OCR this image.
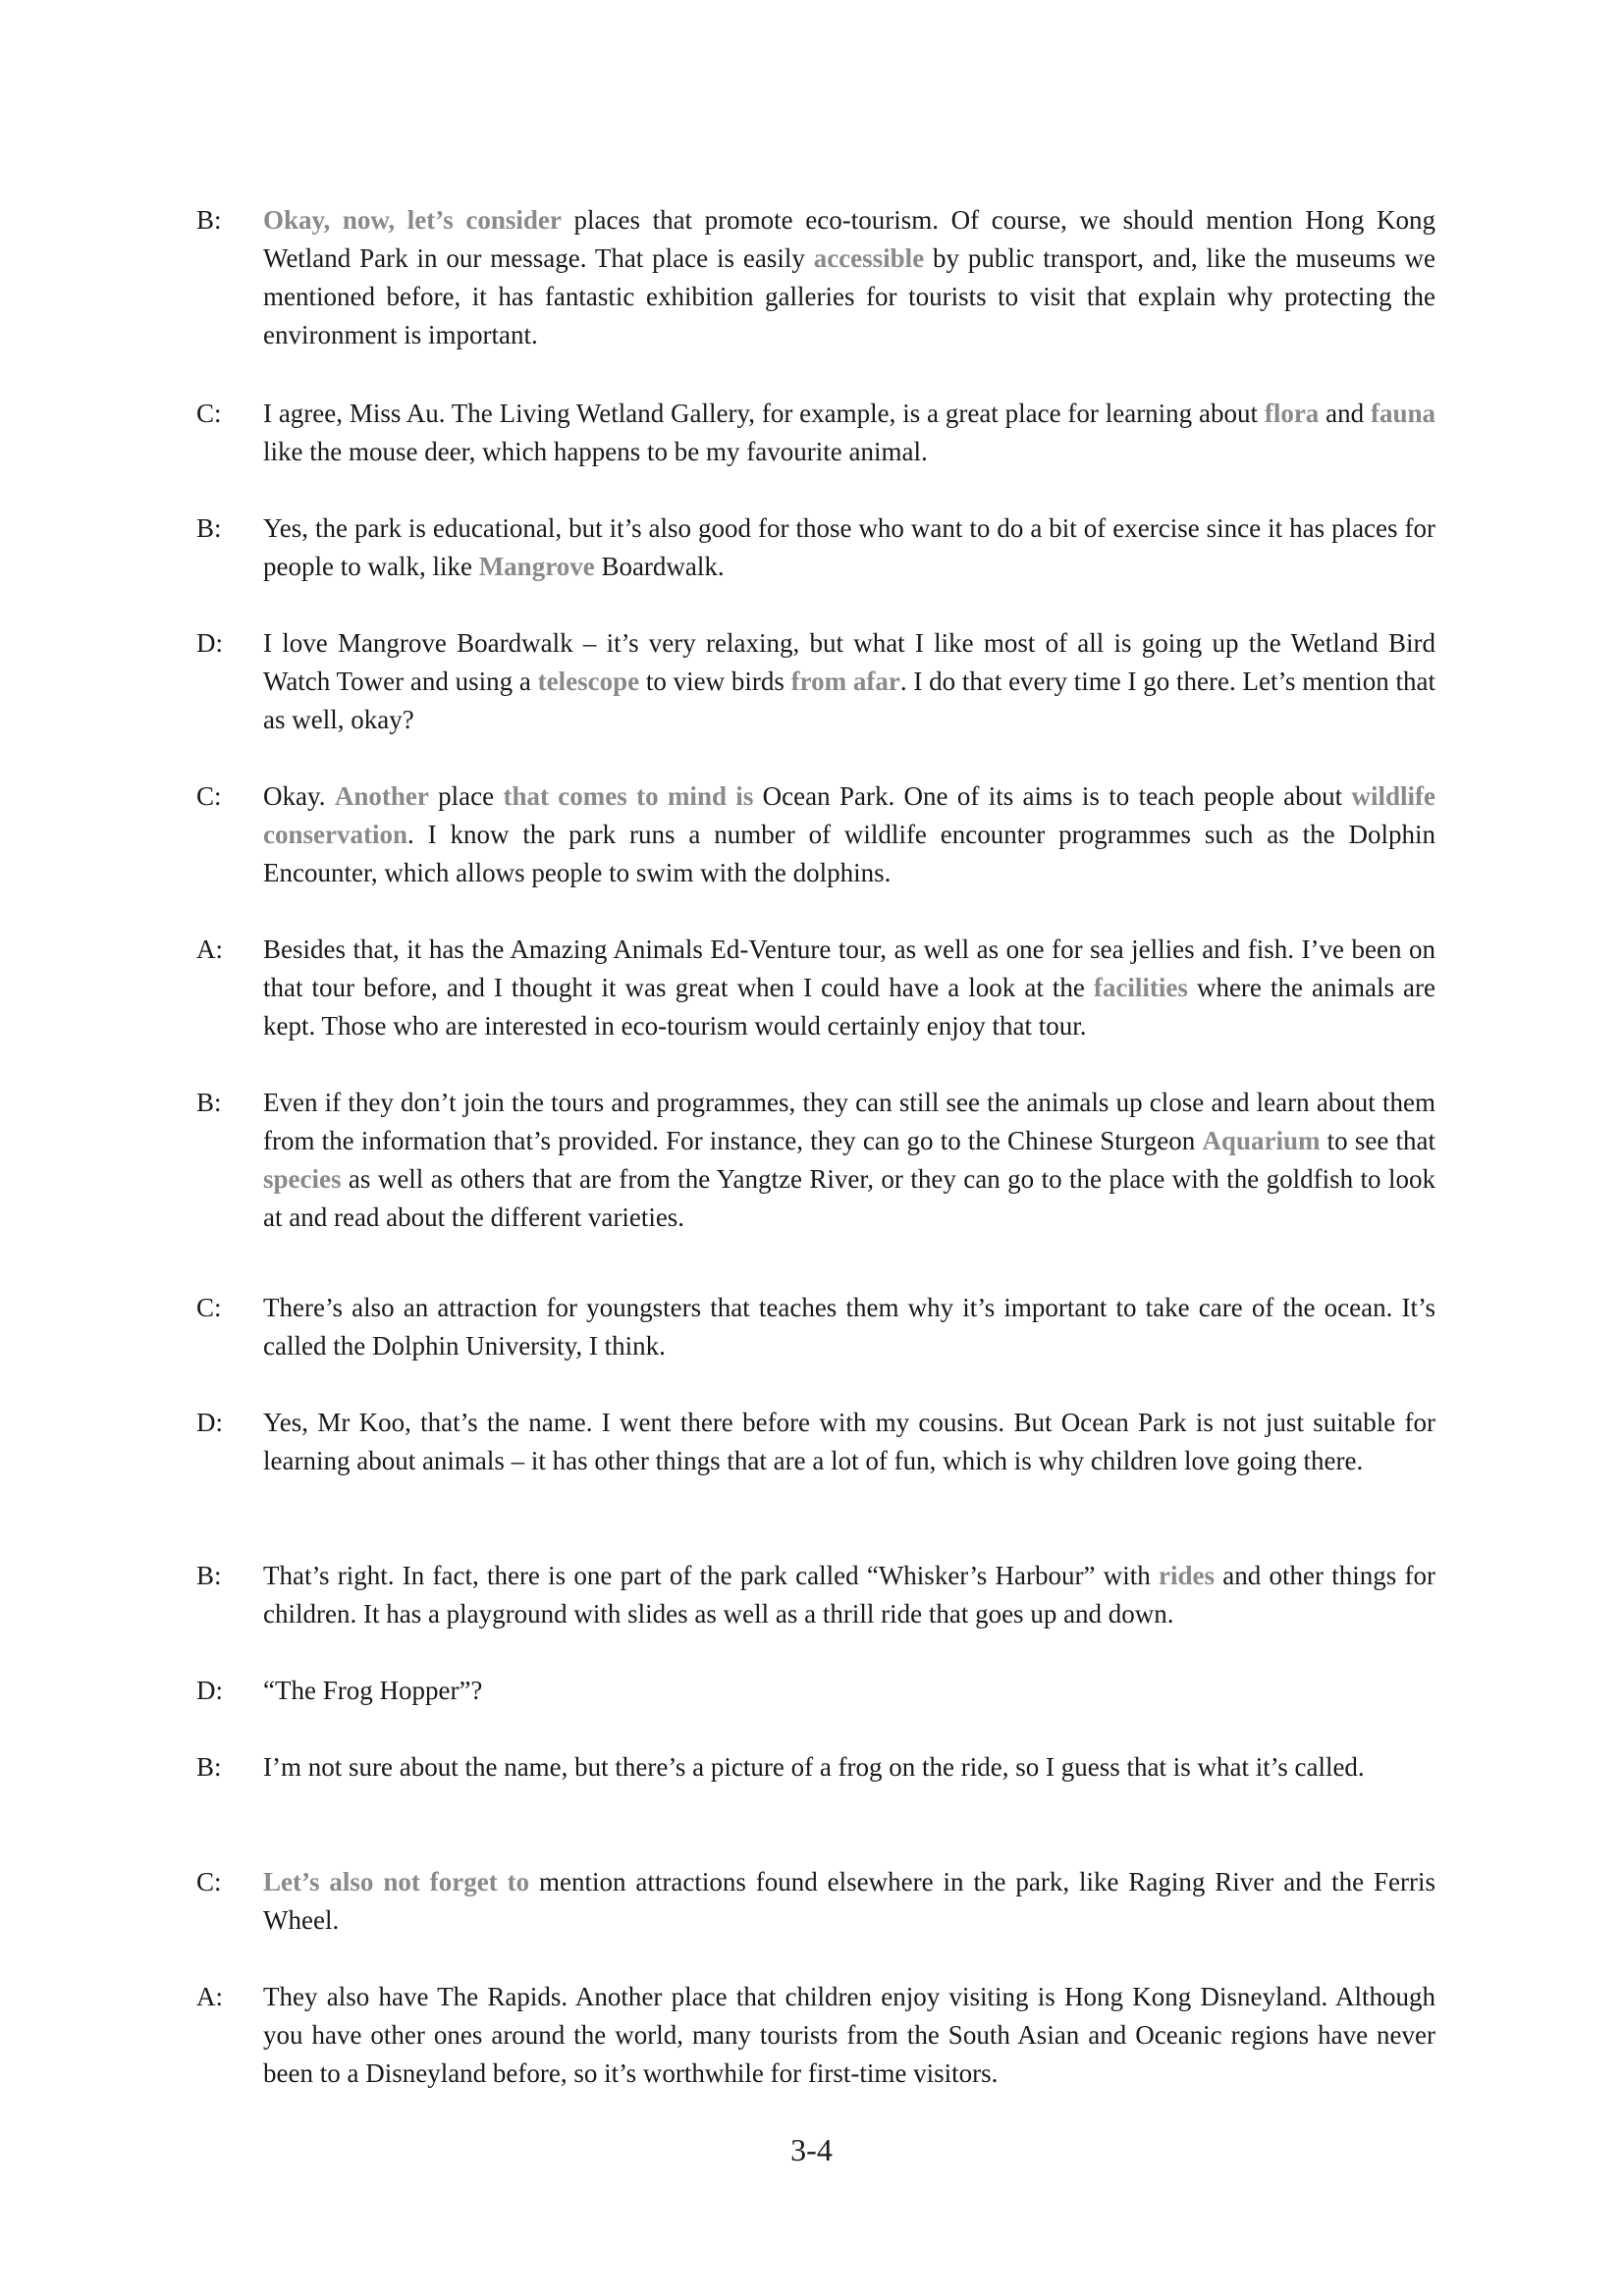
B:	Okay, now, let’s consider places that promote eco-tourism. Of course, we should mention Hong Kong Wetland Park in our message. That place is easily accessible by public transport, and, like the museums we mentioned before, it has fantastic exhibition galleries for tourists to visit that explain why protecting the environment is important.
C:	I agree, Miss Au. The Living Wetland Gallery, for example, is a great place for learning about flora and fauna like the mouse deer, which happens to be my favourite animal.
B:	Yes, the park is educational, but it’s also good for those who want to do a bit of exercise since it has places for people to walk, like Mangrove Boardwalk.
D:	I love Mangrove Boardwalk – it’s very relaxing, but what I like most of all is going up the Wetland Bird Watch Tower and using a telescope to view birds from afar. I do that every time I go there. Let’s mention that as well, okay?
C:	Okay. Another place that comes to mind is Ocean Park. One of its aims is to teach people about wildlife conservation. I know the park runs a number of wildlife encounter programmes such as the Dolphin Encounter, which allows people to swim with the dolphins.
A:	Besides that, it has the Amazing Animals Ed-Venture tour, as well as one for sea jellies and fish. I’ve been on that tour before, and I thought it was great when I could have a look at the facilities where the animals are kept. Those who are interested in eco-tourism would certainly enjoy that tour.
B:	Even if they don’t join the tours and programmes, they can still see the animals up close and learn about them from the information that’s provided. For instance, they can go to the Chinese Sturgeon Aquarium to see that species as well as others that are from the Yangtze River, or they can go to the place with the goldfish to look at and read about the different varieties.
C:	There’s also an attraction for youngsters that teaches them why it’s important to take care of the ocean. It’s called the Dolphin University, I think.
D:	Yes, Mr Koo, that’s the name. I went there before with my cousins. But Ocean Park is not just suitable for learning about animals – it has other things that are a lot of fun, which is why children love going there.
B:	That’s right. In fact, there is one part of the park called “Whisker’s Harbour” with rides and other things for children. It has a playground with slides as well as a thrill ride that goes up and down.
D:	“The Frog Hopper”?
B:	I’m not sure about the name, but there’s a picture of a frog on the ride, so I guess that is what it’s called.
C:	Let’s also not forget to mention attractions found elsewhere in the park, like Raging River and the Ferris Wheel.
A:	They also have The Rapids. Another place that children enjoy visiting is Hong Kong Disneyland. Although you have other ones around the world, many tourists from the South Asian and Oceanic regions have never been to a Disneyland before, so it’s worthwhile for first-time visitors.
3-4
